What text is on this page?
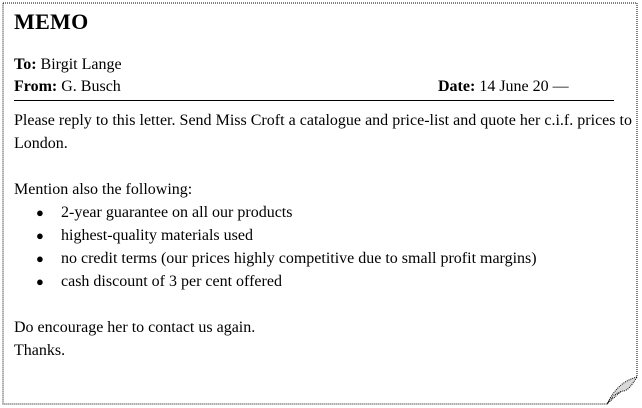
MEMO
To: Birgit Lange
From: G. Busch	Date: 14 June 20 —
Please reply to this letter. Send Miss Croft a catalogue and price-list and quote her c.i.f. prices to London.
Mention also the following:
● 2-year guarantee on all our products
● highest-quality materials used
● no credit terms (our prices highly competitive due to small profit margins)
● cash discount of 3 per cent offered
Do encourage her to contact us again.
Thanks.
